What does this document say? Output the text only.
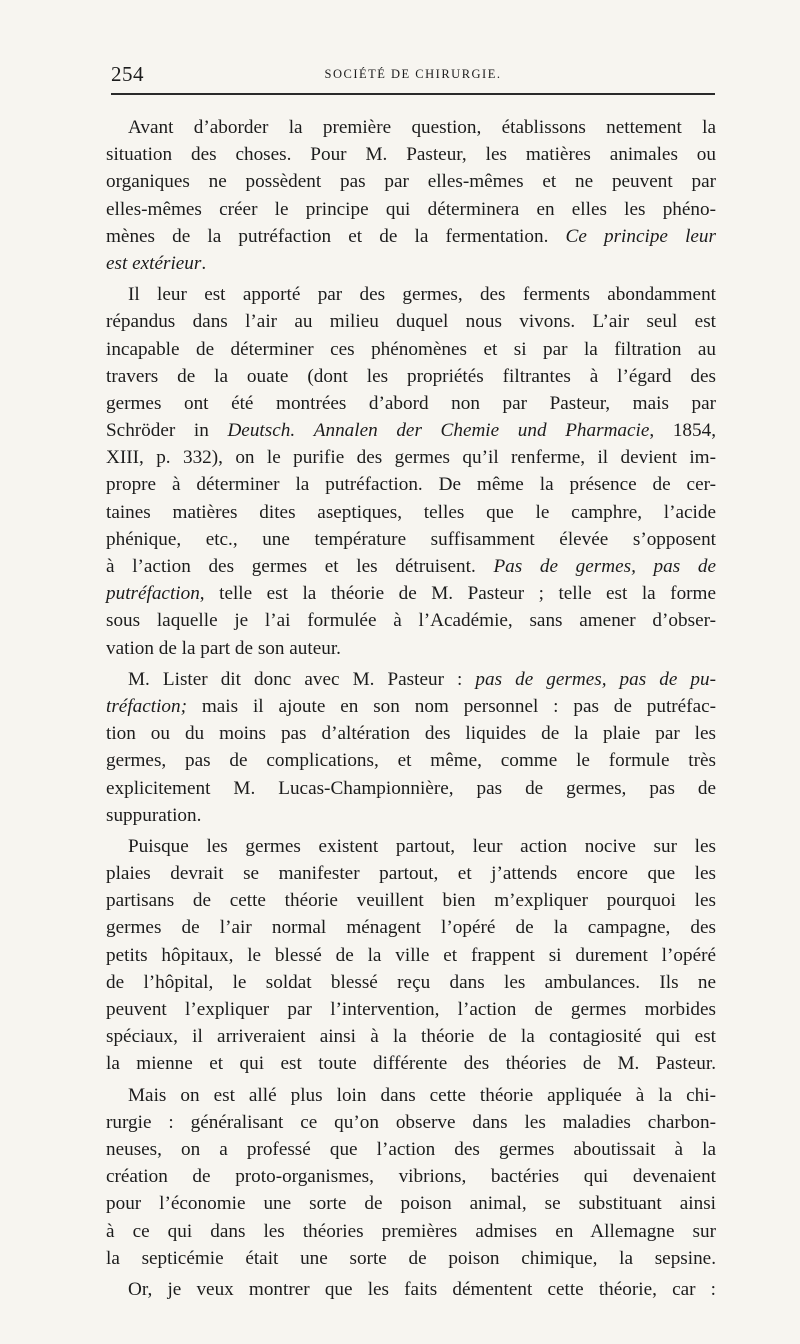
254	SOCIÉTÉ DE CHIRURGIE.
Avant d’aborder la première question, établissons nettement la
situation des choses. Pour M. Pasteur, les matières animales ou
organiques ne possèdent pas par elles-mêmes et ne peuvent par
elles-mêmes créer le principe qui déterminera en elles les phéno-
mènes de la putréfaction et de la fermentation. Ce principe leur
est extérieur.
Il leur est apporté par des germes, des ferments abondamment
répandus dans l’air au milieu duquel nous vivons. L’air seul est
incapable de déterminer ces phénomènes et si par la filtration au
travers de la ouate (dont les propriétés filtrantes à l’égard des
germes ont été montrées d’abord non par Pasteur, mais par
Schröder in Deutsch. Annalen der Chemie und Pharmacie, 1854,
XIII, p. 332), on le purifie des germes qu’il renferme, il devient im-
propre à déterminer la putréfaction. De même la présence de cer-
taines matières dites aseptiques, telles que le camphre, l’acide
phénique, etc., une température suffisamment élevée s’opposent
à l’action des germes et les détruisent. Pas de germes, pas de
putréfaction, telle est la théorie de M. Pasteur ; telle est la forme
sous laquelle je l’ai formulée à l’Académie, sans amener d’obser-
vation de la part de son auteur.
M. Lister dit donc avec M. Pasteur : pas de germes, pas de pu-
tréfaction; mais il ajoute en son nom personnel : pas de putréfac-
tion ou du moins pas d’altération des liquides de la plaie par les
germes, pas de complications, et même, comme le formule très
explicitement M. Lucas-Championnière, pas de germes, pas de
suppuration.
Puisque les germes existent partout, leur action nocive sur les
plaies devrait se manifester partout, et j’attends encore que les
partisans de cette théorie veuillent bien m’expliquer pourquoi les
germes de l’air normal ménagent l’opéré de la campagne, des
petits hôpitaux, le blessé de la ville et frappent si durement l’opéré
de l’hôpital, le soldat blessé reçu dans les ambulances. Ils ne
peuvent l’expliquer par l’intervention, l’action de germes morbides
spéciaux, il arriveraient ainsi à la théorie de la contagiosité qui est
la mienne et qui est toute différente des théories de M. Pasteur.
Mais on est allé plus loin dans cette théorie appliquée à la chi-
rurgie : généralisant ce qu’on observe dans les maladies charbon-
neuses, on a professé que l’action des germes aboutissait à la
création de proto-organismes, vibrions, bactéries qui devenaient
pour l’économie une sorte de poison animal, se substituant ainsi
à ce qui dans les théories premières admises en Allemagne sur
la septicémie était une sorte de poison chimique, la sepsine.
Or, je veux montrer que les faits démentent cette théorie, car :
